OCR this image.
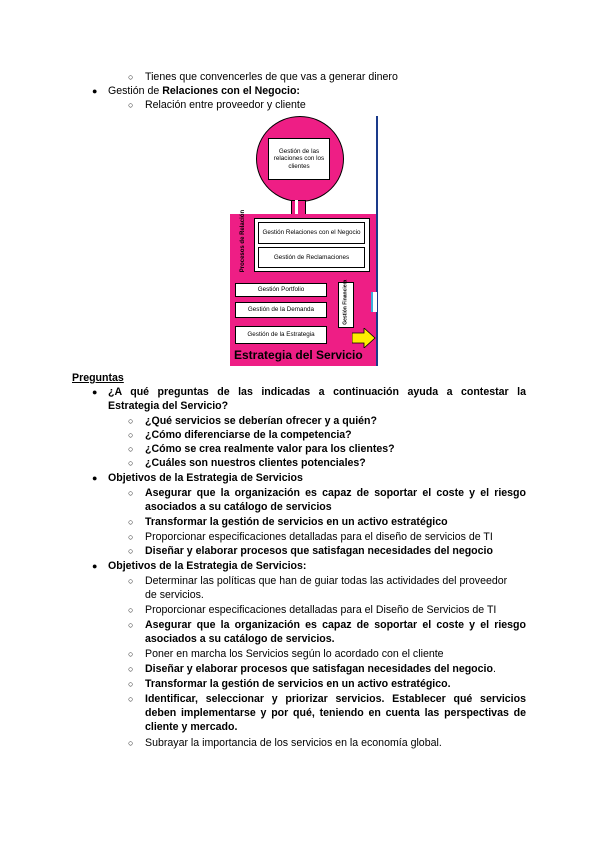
○ Tienes que convencerles de que vas a generar dinero
● Gestión de Relaciones con el Negocio:
○ Relación entre proveedor y cliente
Gestión de las relaciones con los clientes
Procesos de Relación	Gestión Relaciones con el Negocio
Gestión de Reclamaciones
Gestión Portfolio
Gestión de la Demanda
Gestión de la Estrategia
Gestión Financiera
Estrategia del Servicio
Preguntas
● ¿A qué preguntas de las indicadas a continuación ayuda a contestar la
Estrategia del Servicio?
○ ¿Qué servicios se deberían ofrecer y a quién?
○ ¿Cómo diferenciarse de la competencia?
○ ¿Cómo se crea realmente valor para los clientes?
○ ¿Cuáles son nuestros clientes potenciales?
● Objetivos de la Estrategia de Servicios
○ Asegurar que la organización es capaz de soportar el coste y el riesgo
asociados a su catálogo de servicios
○ Transformar la gestión de servicios en un activo estratégico
○ Proporcionar especificaciones detalladas para el diseño de servicios de TI
○ Diseñar y elaborar procesos que satisfagan necesidades del negocio
● Objetivos de la Estrategia de Servicios:
○ Determinar las políticas que han de guiar todas las actividades del proveedor
de servicios.
○ Proporcionar especificaciones detalladas para el Diseño de Servicios de TI
○ Asegurar que la organización es capaz de soportar el coste y el riesgo
asociados a su catálogo de servicios.
○ Poner en marcha los Servicios según lo acordado con el cliente
○ Diseñar y elaborar procesos que satisfagan necesidades del negocio.
○ Transformar la gestión de servicios en un activo estratégico.
○ Identificar, seleccionar y priorizar servicios. Establecer qué servicios
deben implementarse y por qué, teniendo en cuenta las perspectivas de
cliente y mercado.
○ Subrayar la importancia de los servicios en la economía global.
